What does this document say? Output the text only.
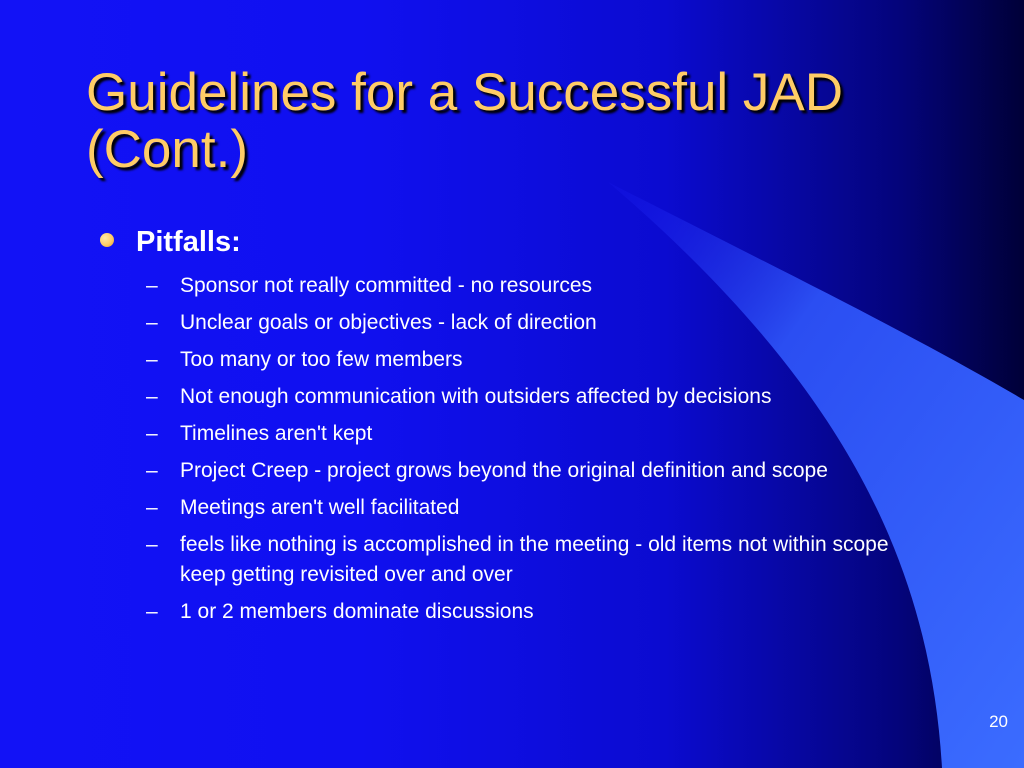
Guidelines for a Successful JAD (Cont.)
Pitfalls:
–	Sponsor not really committed - no resources
–	Unclear goals or objectives - lack of direction
–	Too many or too few members
–	Not enough communication with outsiders affected by decisions
–	Timelines aren't kept
–	Project Creep - project grows beyond the original definition and scope
–	Meetings aren't well facilitated
–	feels like nothing is accomplished in the meeting - old items not within scope keep getting revisited over and over
–	1 or 2 members dominate discussions
20
